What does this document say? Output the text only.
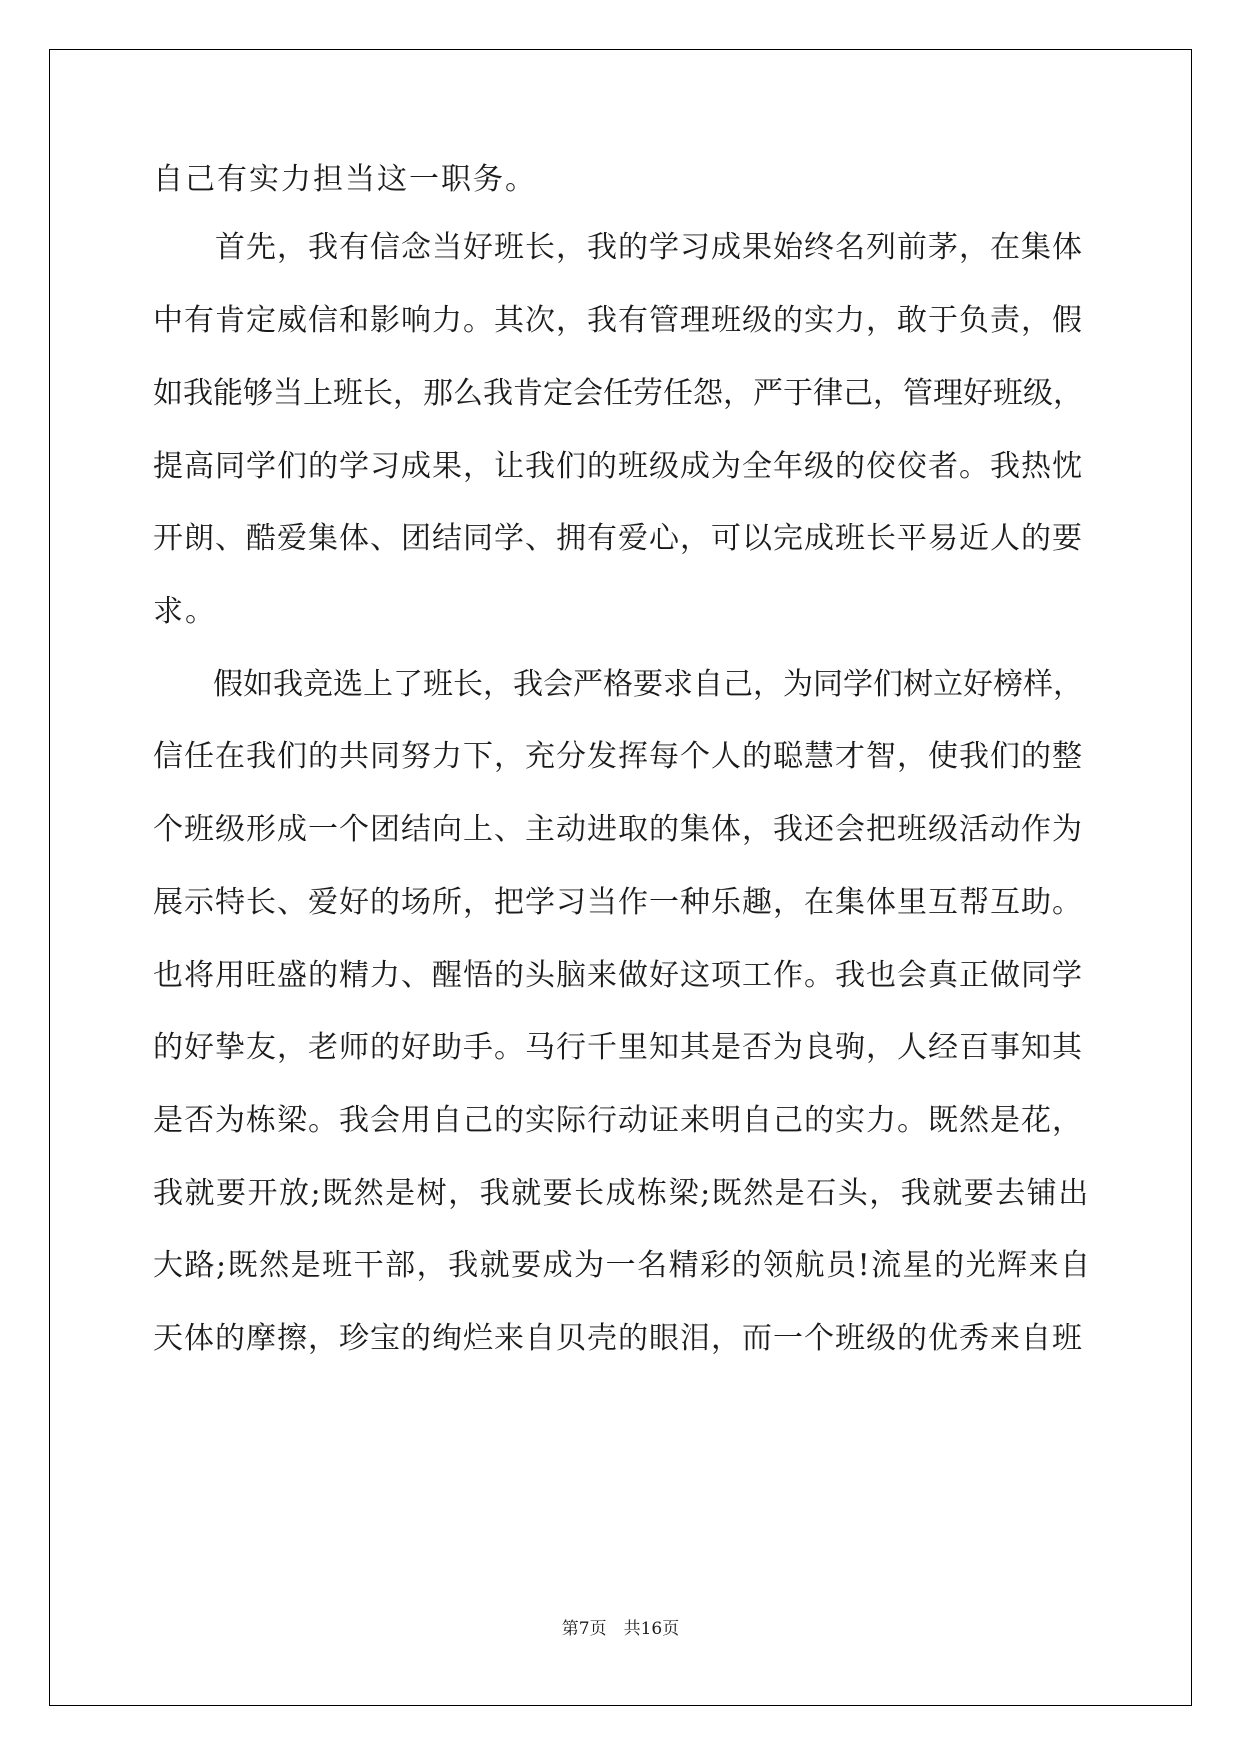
自己有实力担当这一职务。
　　首先，我有信念当好班长，我的学习成果始终名列前茅，在集体
中有肯定威信和影响力。其次，我有管理班级的实力，敢于负责，假
如我能够当上班长，那么我肯定会任劳任怨，严于律己，管理好班级，
提高同学们的学习成果，让我们的班级成为全年级的佼佼者。我热忱
开朗、酷爱集体、团结同学、拥有爱心，可以完成班长平易近人的要
求。
　　假如我竞选上了班长，我会严格要求自己，为同学们树立好榜样，
信任在我们的共同努力下，充分发挥每个人的聪慧才智，使我们的整
个班级形成一个团结向上、主动进取的集体，我还会把班级活动作为
展示特长、爱好的场所，把学习当作一种乐趣，在集体里互帮互助。
也将用旺盛的精力、醒悟的头脑来做好这项工作。我也会真正做同学
的好挚友，老师的好助手。马行千里知其是否为良驹，人经百事知其
是否为栋梁。我会用自己的实际行动证来明自己的实力。既然是花，
我就要开放;既然是树，我就要长成栋梁;既然是石头，我就要去铺出
大路;既然是班干部，我就要成为一名精彩的领航员!流星的光辉来自
天体的摩擦，珍宝的绚烂来自贝壳的眼泪，而一个班级的优秀来自班
第7页　共16页
